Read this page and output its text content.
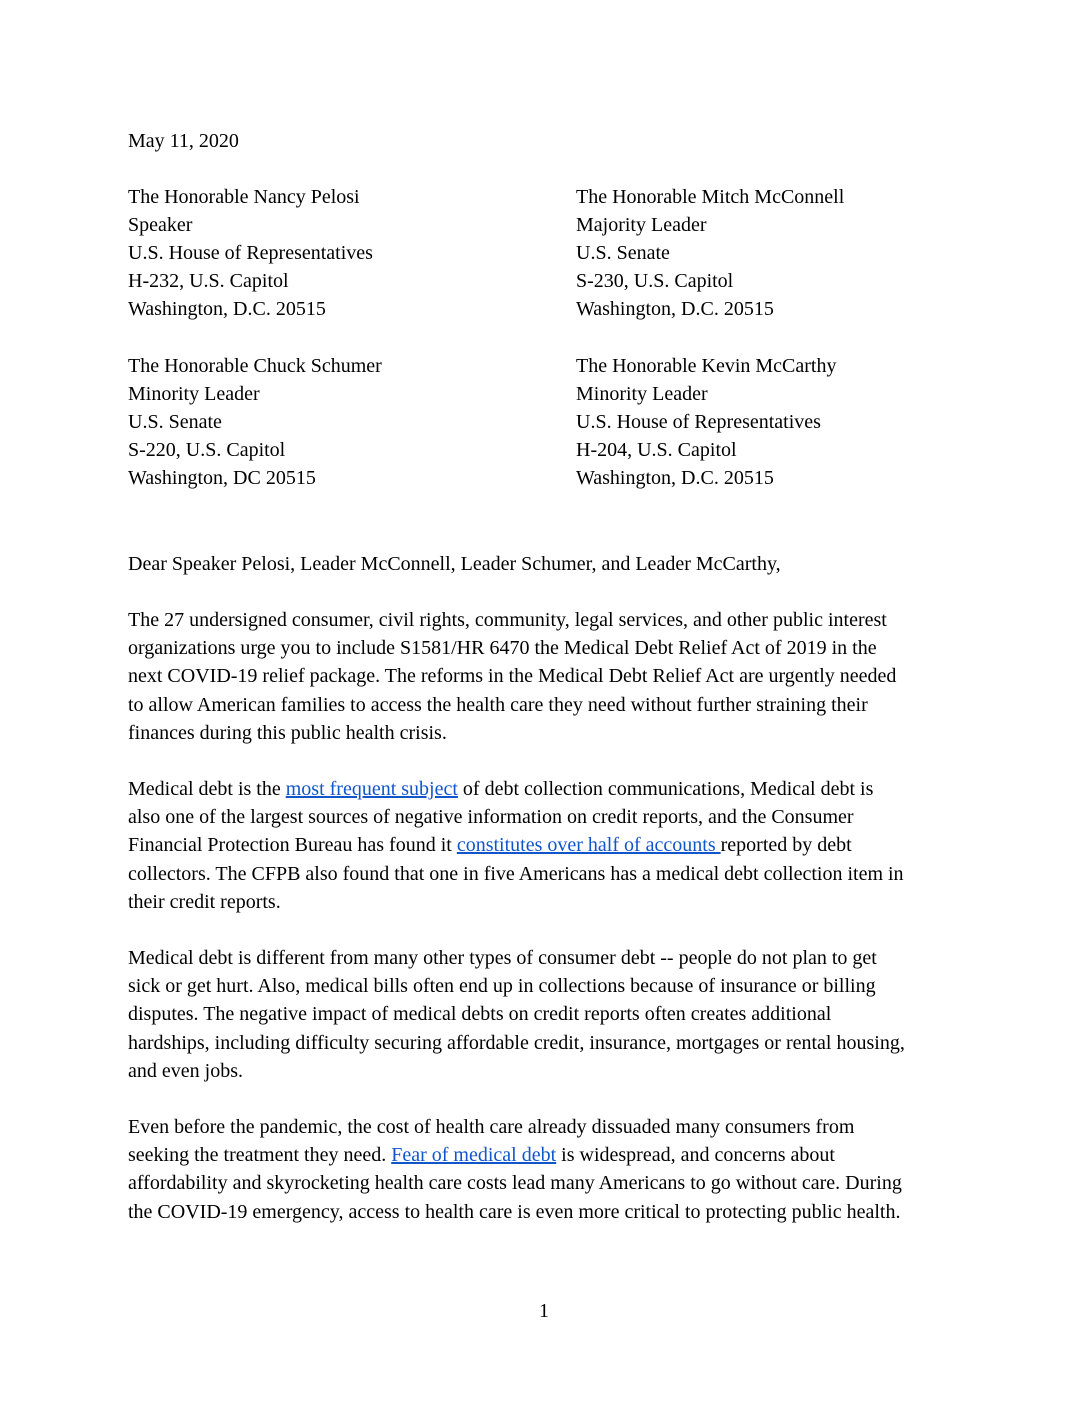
May 11, 2020
The Honorable Nancy Pelosi
Speaker
U.S. House of Representatives
H-232, U.S. Capitol
Washington, D.C. 20515
The Honorable Mitch McConnell
Majority Leader
U.S. Senate
S-230, U.S. Capitol
Washington, D.C. 20515
The Honorable Chuck Schumer
Minority Leader
U.S. Senate
S-220, U.S. Capitol
Washington, DC 20515
The Honorable Kevin McCarthy
Minority Leader
U.S. House of Representatives
H-204, U.S. Capitol
Washington, D.C. 20515
Dear Speaker Pelosi, Leader McConnell, Leader Schumer, and Leader McCarthy,
The 27 undersigned consumer, civil rights, community, legal services, and other public interest
organizations urge you to include S1581/HR 6470 the Medical Debt Relief Act of 2019 in the
next COVID-19 relief package. The reforms in the Medical Debt Relief Act are urgently needed
to allow American families to access the health care they need without further straining their
finances during this public health crisis.
Medical debt is the most frequent subject of debt collection communications, Medical debt is
also one of the largest sources of negative information on credit reports, and the Consumer
Financial Protection Bureau has found it constitutes over half of accounts reported by debt
collectors. The CFPB also found that one in five Americans has a medical debt collection item in
their credit reports.
Medical debt is different from many other types of consumer debt -- people do not plan to get
sick or get hurt. Also, medical bills often end up in collections because of insurance or billing
disputes. The negative impact of medical debts on credit reports often creates additional
hardships, including difficulty securing affordable credit, insurance, mortgages or rental housing,
and even jobs.
Even before the pandemic, the cost of health care already dissuaded many consumers from
seeking the treatment they need. Fear of medical debt is widespread, and concerns about
affordability and skyrocketing health care costs lead many Americans to go without care. During
the COVID-19 emergency, access to health care is even more critical to protecting public health.
1
